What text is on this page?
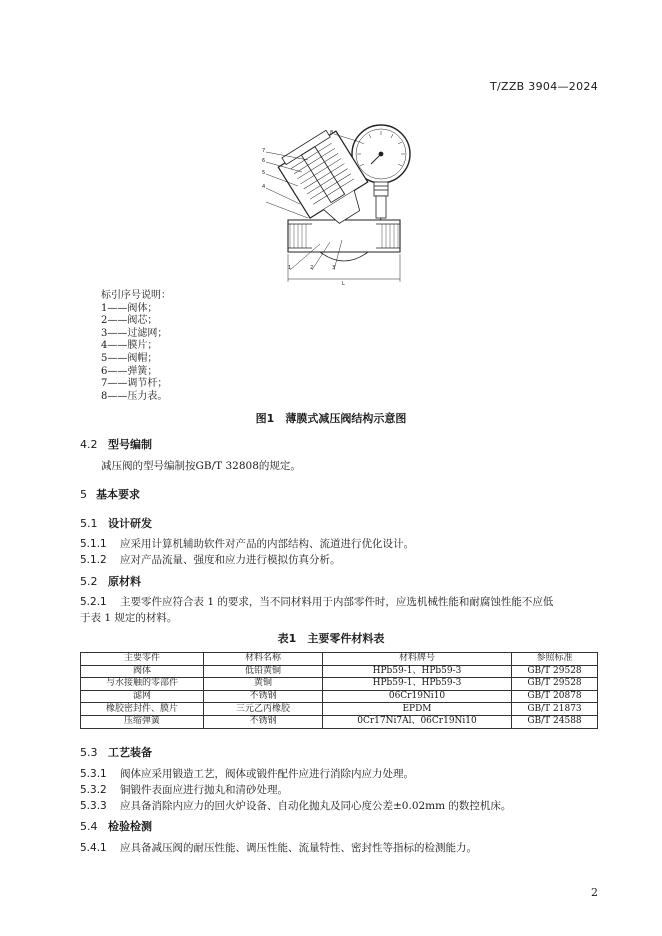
T/ZZB 3904—2024
8
7
6
5
4
1	2	3
L
标引序号说明：
1——阀体；
2——阀芯；
3——过滤网；
4——膜片；
5——阀帽；
6——弹簧；
7——调节杆；
8——压力表。
图1　薄膜式减压阀结构示意图
4.2 型号编制
减压阀的型号编制按GB/T 32808的规定。
5 基本要求
5.1 设计研发
5.1.1 应采用计算机辅助软件对产品的内部结构、流道进行优化设计。
5.1.2 应对产品流量、强度和应力进行模拟仿真分析。
5.2 原材料
5.2.1 主要零件应符合表 1 的要求，当不同材料用于内部零件时，应选机械性能和耐腐蚀性能不应低
于表 1 规定的材料。
表1　主要零件材料表
主要零件	材料名称	材料牌号	参照标准
阀体	低铅黄铜	HPb59-1、HPb59-3	GB/T 29528
与水接触的零部件	黄铜	HPb59-1、HPb59-3	GB/T 29528
滤网	不锈钢	06Cr19Ni10	GB/T 20878
橡胶密封件、膜片	三元乙丙橡胶	EPDM	GB/T 21873
压缩弹簧	不锈钢	0Cr17Ni7Al、06Cr19Ni10	GB/T 24588
5.3 工艺装备
5.3.1 阀体应采用锻造工艺，阀体或锻件配件应进行消除内应力处理。
5.3.2 铜锻件表面应进行抛丸和清砂处理。
5.3.3 应具备消除内应力的回火炉设备、自动化抛丸及同心度公差±0.02mm 的数控机床。
5.4 检验检测
5.4.1 应具备减压阀的耐压性能、调压性能、流量特性、密封性等指标的检测能力。
2
